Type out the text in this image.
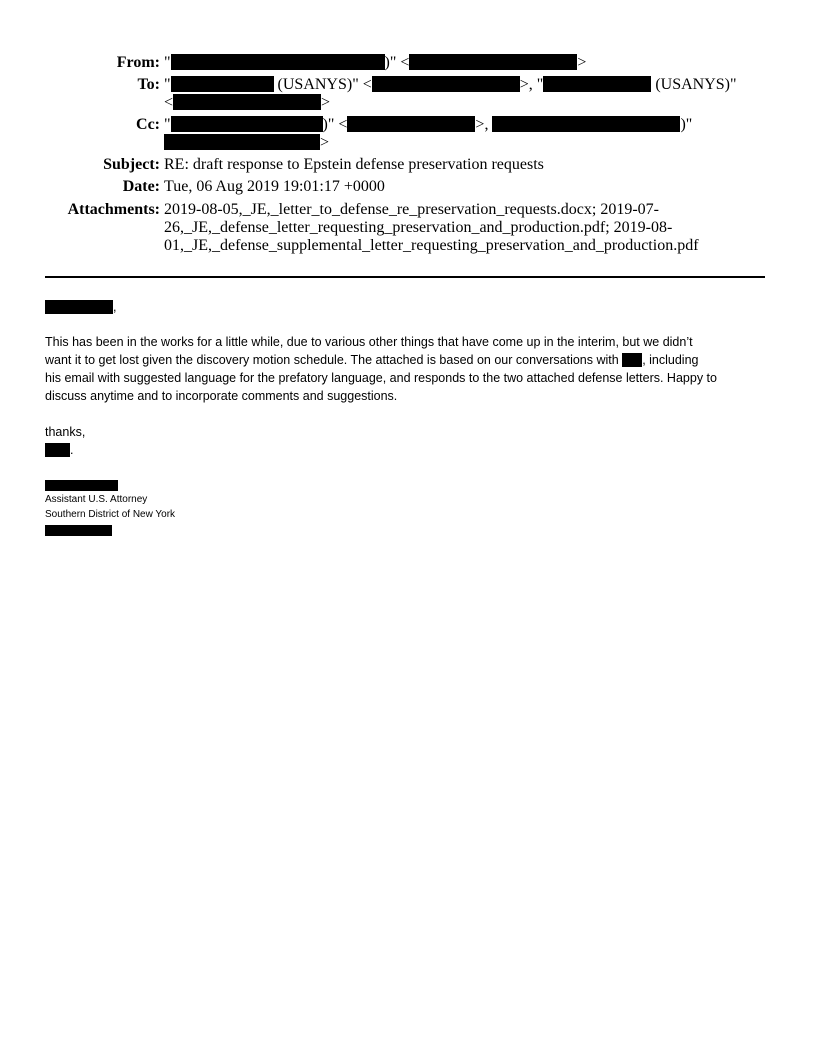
From: "	)" <	>
To: "	(USANYS)" <	>, "	(USANYS)"
<	>
Cc: "	)" <	>,	)"
>
Subject: RE: draft response to Epstein defense preservation requests
Date: Tue, 06 Aug 2019 19:01:17 +0000
Attachments: 2019-08-05,_JE,_letter_to_defense_re_preservation_requests.docx; 2019-07-
26,_JE,_defense_letter_requesting_preservation_and_production.pdf; 2019-08-
01,_JE,_defense_supplemental_letter_requesting_preservation_and_production.pdf

,

This has been in the works for a little while, due to various other things that have come up in the interim, but we didn’t

want it to get lost given the discovery motion schedule. The attached is based on our conversations with , including

his email with suggested language for the prefatory language, and responds to the two attached defense letters. Happy to

discuss anytime and to incorporate comments and suggestions.

thanks,

.

Assistant U.S. Attorney

Southern District of New York
